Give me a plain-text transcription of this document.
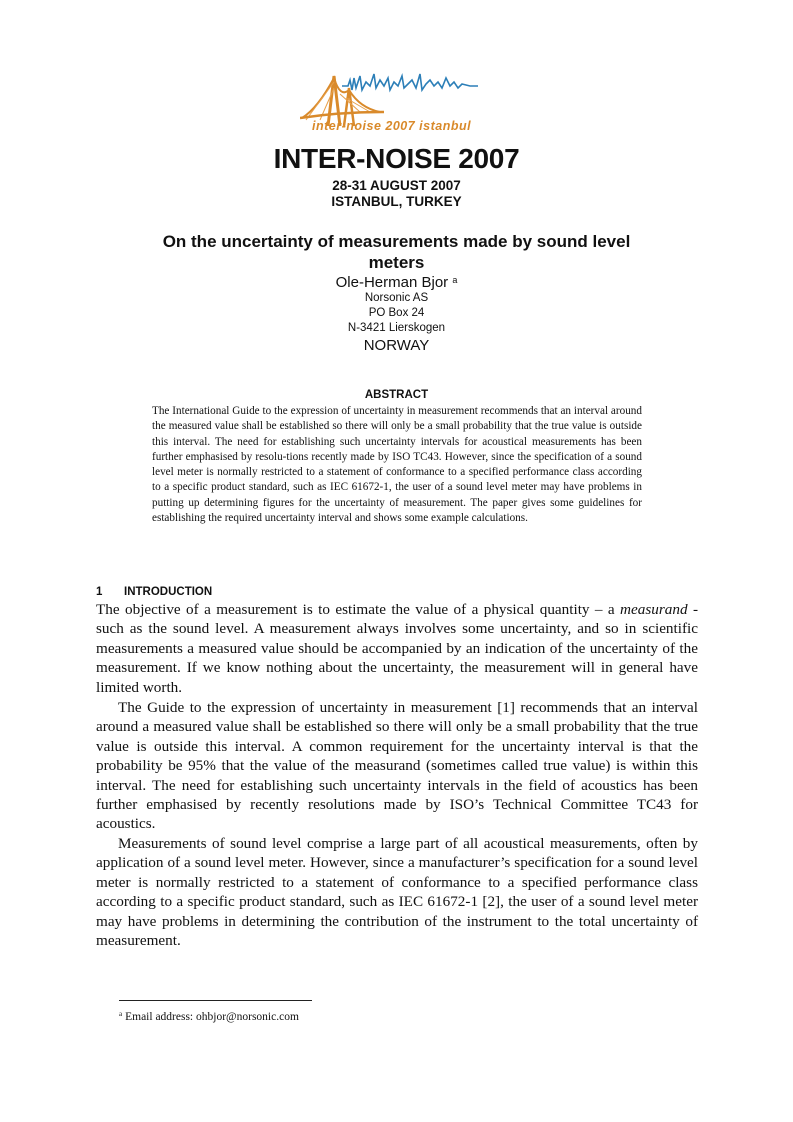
inter-noise 2007 istanbul
INTER-NOISE 2007
28-31 AUGUST 2007
ISTANBUL, TURKEY
On the uncertainty of measurements made by sound level meters
Ole-Herman Bjor $^a$
Norsonic AS
PO Box 24
N-3421 Lierskogen
NORWAY
ABSTRACT
The International Guide to the expression of uncertainty in measurement recommends that an interval around the measured value shall be established so there will only be a small probability that the true value is outside this interval. The need for establishing such uncertainty intervals for acoustical measurements has been further emphasised by resolu-tions recently made by ISO TC43. However, since the specification of a sound level meter is normally restricted to a statement of conformance to a specified performance class according to a specific product standard, such as IEC 61672-1, the user of a sound level meter may have problems in putting up determining figures for the uncertainty of measurement. The paper gives some guidelines for establishing the required uncertainty interval and shows some example calculations.
1 INTRODUCTION

The objective of a measurement is to estimate the value of a physical quantity – a measurand - such as the sound level. A measurement always involves some uncertainty, and so in scientific measurements a measured value should be accompanied by an indication of the uncertainty of the measurement. If we know nothing about the uncertainty, the measurement will in general have limited worth.

The Guide to the expression of uncertainty in measurement [1] recommends that an interval around a measured value shall be established so there will only be a small probability that the true value is outside this interval. A common requirement for the uncertainty interval is that the probability be 95% that the value of the measurand (sometimes called true value) is within this interval. The need for establishing such uncertainty intervals in the field of acoustics has been further emphasised by recently resolutions made by ISO’s Technical Committee TC43 for acoustics.

Measurements of sound level comprise a large part of all acoustical measurements, often by application of a sound level meter. However, since a manufacturer’s specification for a sound level meter is normally restricted to a statement of conformance to a specified performance class according to a specific product standard, such as IEC 61672-1 [2], the user of a sound level meter may have problems in determining the contribution of the instrument to the total uncertainty of measurement.

$^a$ Email address: ohbjor@norsonic.com
